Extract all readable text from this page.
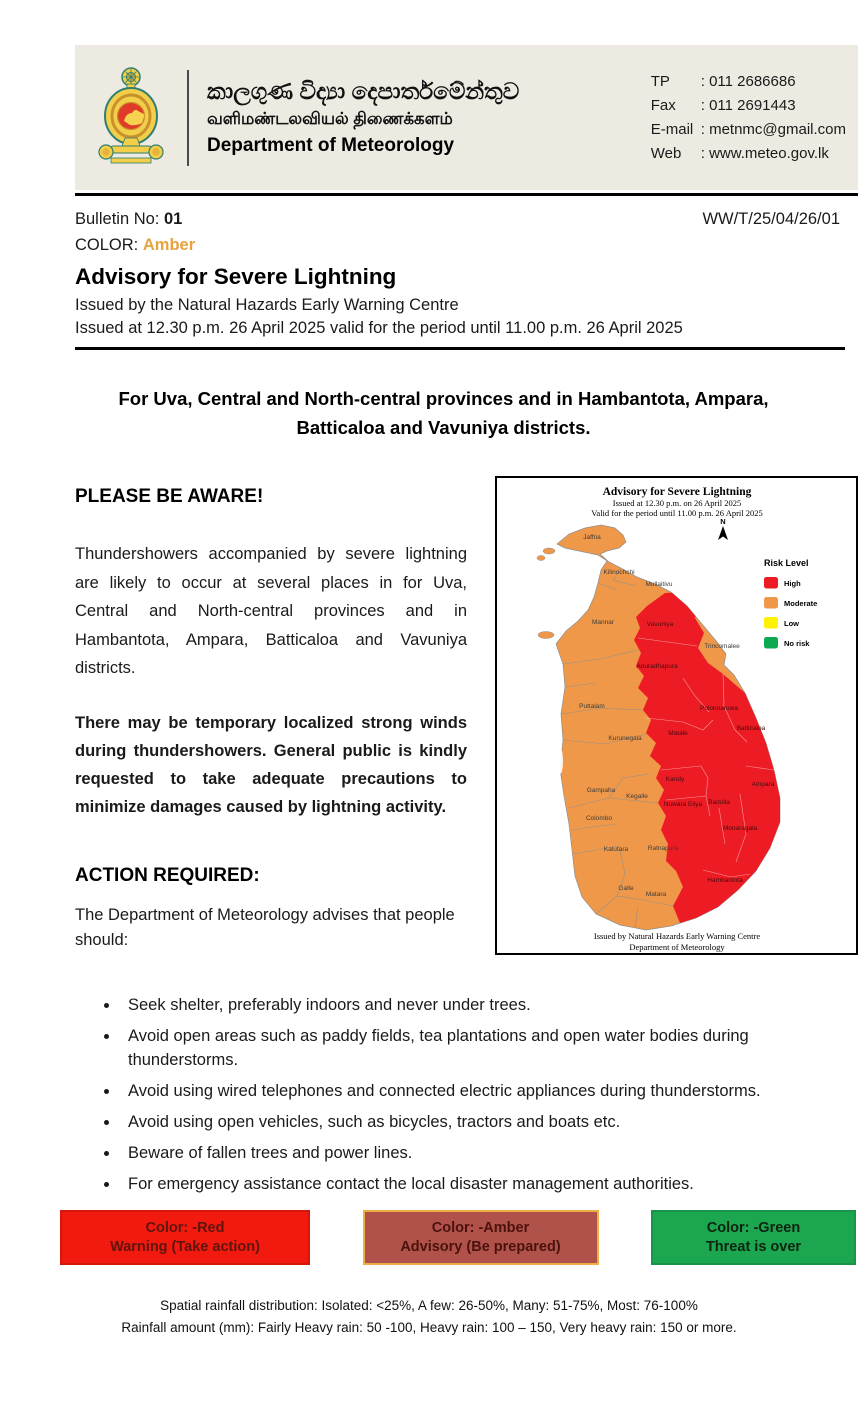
කාලගුණ විද්‍යා දෙපාර්තමේන්තුව
வளிமண்டலவியல் திணைக்களம்
Department of Meteorology
TP	: 011 2686686
Fax	: 011 2691443
E-mail : metnmc@gmail.com
Web	: www.meteo.gov.lk
Bulletin No: 01	WW/T/25/04/26/01
COLOR: Amber
Advisory for Severe Lightning
Issued by the Natural Hazards Early Warning Centre
Issued at 12.30 p.m. 26 April 2025 valid for the period until 11.00 p.m. 26 April 2025
For Uva, Central and North-central provinces and in Hambantota, Ampara, Batticaloa and Vavuniya districts.
PLEASE BE AWARE!

Thundershowers accompanied by severe lightning are likely to occur at several places in for Uva, Central and North-central provinces and in Hambantota, Ampara, Batticaloa and Vavuniya districts.

There may be temporary localized strong winds during thundershowers. General public is kindly requested to take adequate precautions to minimize damages caused by lightning activity.

ACTION REQUIRED:

The Department of Meteorology advises that people should:

Advisory for Severe Lightning
Issued at 12.30 p.m. on 26 April 2025
Valid for the period until 11.00 p.m. 26 April 2025
N
Jaffna
Kilinochchi
Mullaitivu
Mannar	Vavuniya
Trincomalee
Anuradhapura
Puttalam	Polonnaruwa
Batticaloa
Kurunegala
Matale
Kandy
Gampaha
Kegalle
Nuwara Eliya Badulla
Colombo
Monaragala
Ampara
Kalutara	Ratnapura
Hambantota
Galle
Matara
Risk Level
High
Moderate
Low
No risk
Issued by Natural Hazards Early Warning Centre
Department of Meteorology
• Seek shelter, preferably indoors and never under trees.
• Avoid open areas such as paddy fields, tea plantations and open water bodies during thunderstorms.
• Avoid using wired telephones and connected electric appliances during thunderstorms.
• Avoid using open vehicles, such as bicycles, tractors and boats etc.
• Beware of fallen trees and power lines.
• For emergency assistance contact the local disaster management authorities.
Color: -Red
Warning (Take action)
Color: -Amber
Advisory (Be prepared)
Color: -Green
Threat is over
Spatial rainfall distribution: Isolated: <25%, A few: 26-50%, Many: 51-75%, Most: 76-100%
Rainfall amount (mm): Fairly Heavy rain: 50 -100, Heavy rain: 100 – 150, Very heavy rain: 150 or more.
